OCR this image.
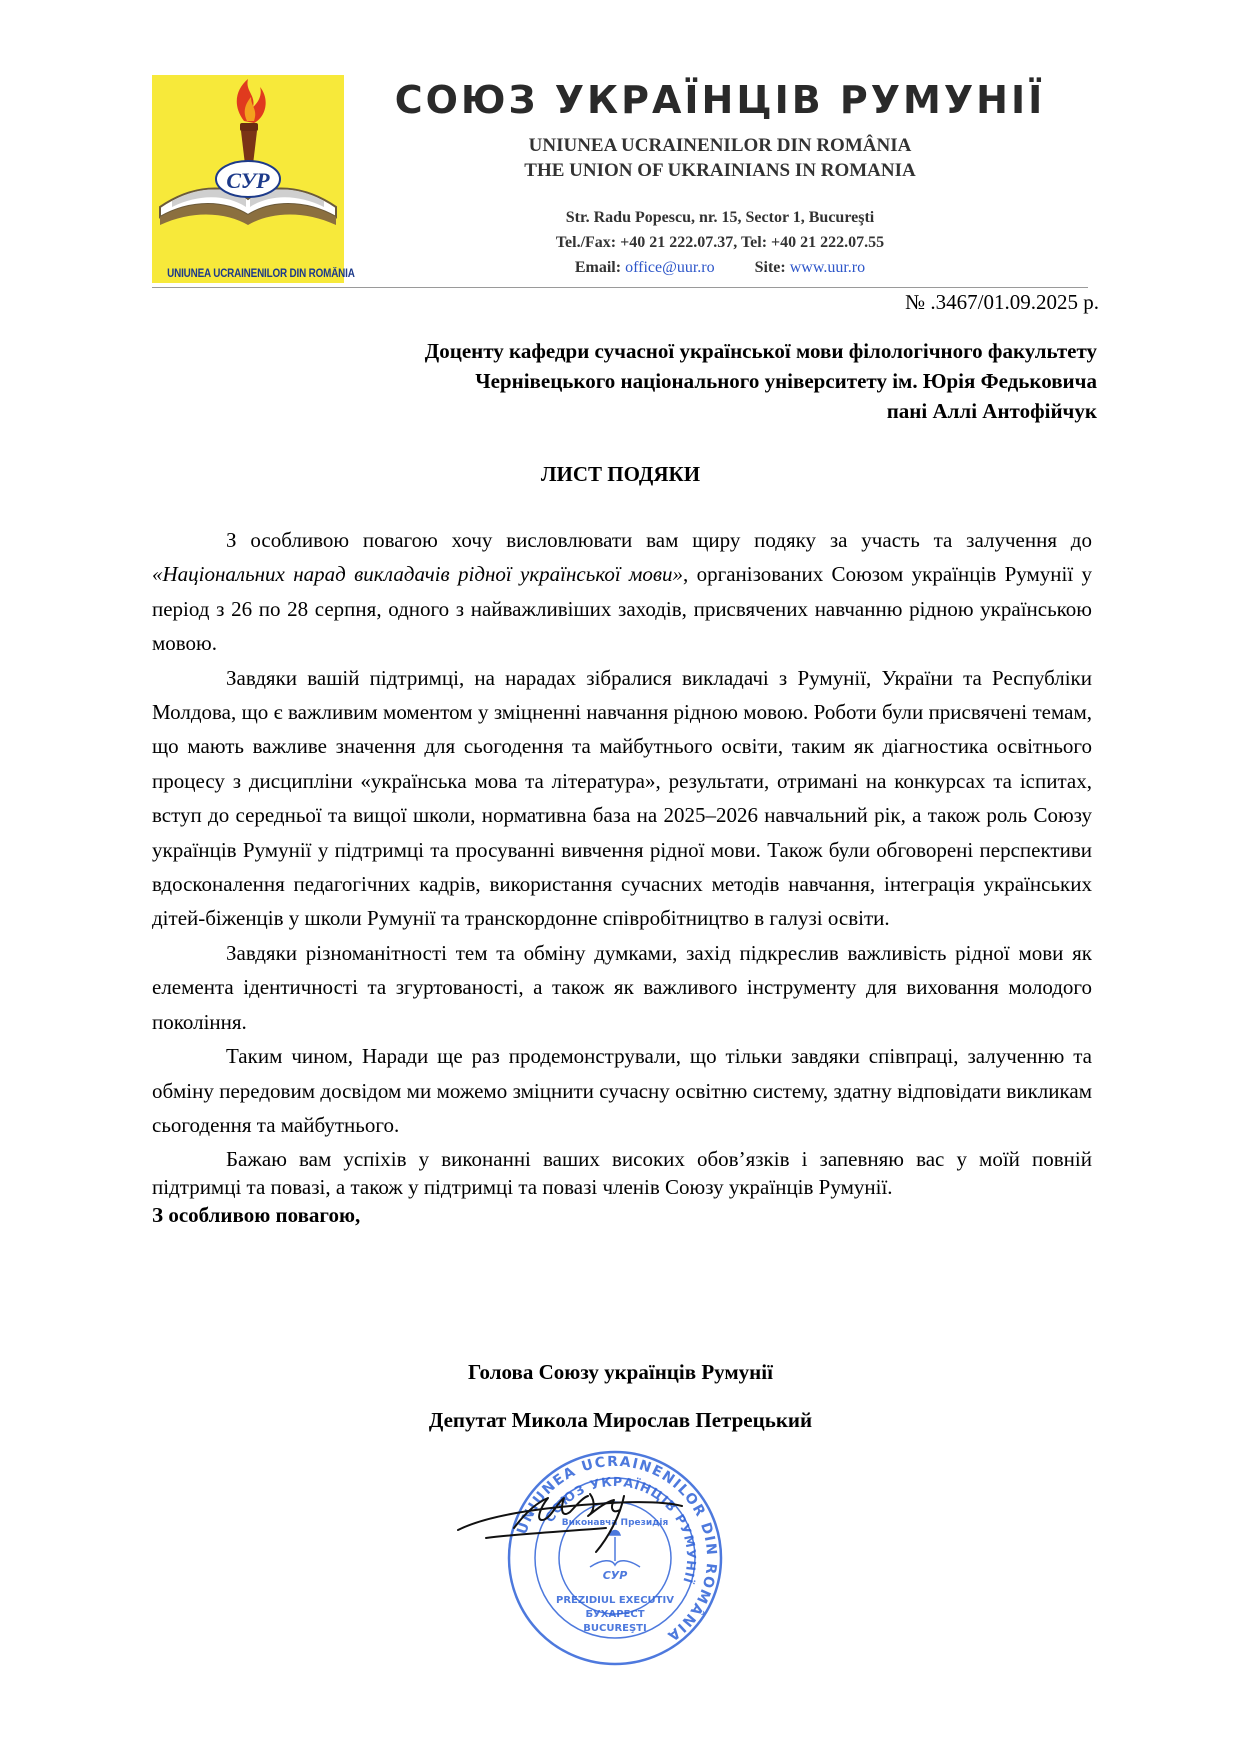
СУР
UNIUNEA UCRAINENILOR DIN ROMÂNIA
СОЮЗ УКРАЇНЦІВ РУМУНІЇ
UNIUNEA UCRAINENILOR DIN ROMÂNIA
THE UNION OF UKRAINIANS IN ROMANIA
Str. Radu Popescu, nr. 15, Sector 1, Bucureşti
Tel./Fax: +40 21 222.07.37, Tel: +40 21 222.07.55
Email: office@uur.ro	Site: www.uur.ro
№ .3467/01.09.2025 р.
Доценту кафедри сучасної української мови філологічного факультету
Чернівецького національного університету ім. Юрія Федьковича
пані Аллі Антофійчук
ЛИСТ ПОДЯКИ

З особливою повагою хочу висловлювати вам щиру подяку за участь та залучення до «Національних нарад викладачів рідної української мови», організованих Союзом українців Румунії у період з 26 по 28 серпня, одного з найважливіших заходів, присвячених навчанню рідною українською мовою.

Завдяки вашій підтримці, на нарадах зібралися викладачі з Румунії, України та Республіки Молдова, що є важливим моментом у зміцненні навчання рідною мовою. Роботи були присвячені темам, що мають важливе значення для сьогодення та майбутнього освіти, таким як діагностика освітнього процесу з дисципліни «українська мова та література», результати, отримані на конкурсах та іспитах, вступ до середньої та вищої школи, нормативна база на 2025–2026 навчальний рік, а також роль Союзу українців Румунії у підтримці та просуванні вивчення рідної мови. Також були обговорені перспективи вдосконалення педагогічних кадрів, використання сучасних методів навчання, інтеграція українських дітей-біженців у школи Румунії та транскордонне співробітництво в галузі освіти.

Завдяки різноманітності тем та обміну думками, захід підкреслив важливість рідної мови як елемента ідентичності та згуртованості, а також як важливого інструменту для виховання молодого покоління.

Таким чином, Наради ще раз продемонстрували, що тільки завдяки співпраці, залученню та обміну передовим досвідом ми можемо зміцнити сучасну освітню систему, здатну відповідати викликам сьогодення та майбутнього.

Бажаю вам успіхів у виконанні ваших високих обов’язків і запевняю вас у моїй повній підтримці та повазі, а також у підтримці та повазі членів Союзу українців Румунії.

З особливою повагою,

Голова Союзу українців Румунії
Депутат Микола Мирослав Петрецький
UNIUNEA UCRAINENILOR DIN ROMÂNIA
СОЮЗ УКРАЇНЦІВ РУМУНІЇ
Виконавча Президія
PREZIDIUL EXECUTIV
БУХАРЕСТ
BUCUREŞTI
СУР
